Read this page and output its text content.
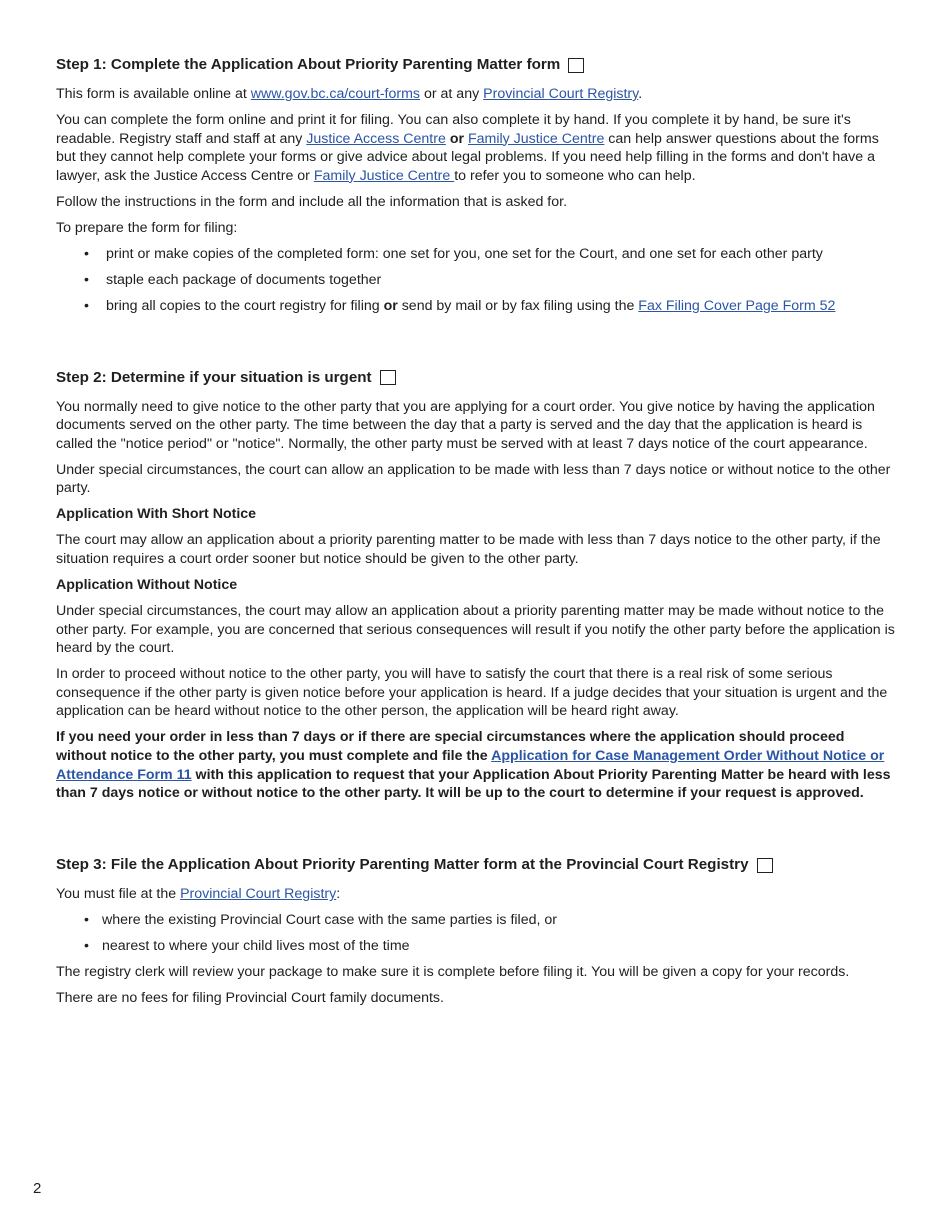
Step 1: Complete the Application About Priority Parenting Matter form

This form is available online at www.gov.bc.ca/court-forms or at any Provincial Court Registry.

You can complete the form online and print it for filing. You can also complete it by hand. If you complete it by hand, be sure it's readable. Registry staff and staff at any Justice Access Centre or Family Justice Centre can help answer questions about the forms but they cannot help complete your forms or give advice about legal problems. If you need help filling in the forms and don't have a lawyer, ask the Justice Access Centre or Family Justice Centre to refer you to someone who can help.

Follow the instructions in the form and include all the information that is asked for.

To prepare the form for filing:

• print or make copies of the completed form: one set for you, one set for the Court, and one set for each other party
• staple each package of documents together
• bring all copies to the court registry for filing or send by mail or by fax filing using the Fax Filing Cover Page Form 52
Step 2: Determine if your situation is urgent

You normally need to give notice to the other party that you are applying for a court order. You give notice by having the application documents served on the other party. The time between the day that a party is served and the day that the application is heard is called the "notice period" or "notice". Normally, the other party must be served with at least 7 days notice of the court appearance.

Under special circumstances, the court can allow an application to be made with less than 7 days notice or without notice to the other party.

Application With Short Notice

The court may allow an application about a priority parenting matter to be made with less than 7 days notice to the other party, if the situation requires a court order sooner but notice should be given to the other party.

Application Without Notice

Under special circumstances, the court may allow an application about a priority parenting matter may be made without notice to the other party. For example, you are concerned that serious consequences will result if you notify the other party before the application is heard by the court.

In order to proceed without notice to the other party, you will have to satisfy the court that there is a real risk of some serious consequence if the other party is given notice before your application is heard. If a judge decides that your situation is urgent and the application can be heard without notice to the other person, the application will be heard right away.

If you need your order in less than 7 days or if there are special circumstances where the application should proceed without notice to the other party, you must complete and file the Application for Case Management Order Without Notice or Attendance Form 11 with this application to request that your Application About Priority Parenting Matter be heard with less than 7 days notice or without notice to the other party. It will be up to the court to determine if your request is approved.

Step 3: File the Application About Priority Parenting Matter form at the Provincial Court Registry

You must file at the Provincial Court Registry:

• where the existing Provincial Court case with the same parties is filed, or
• nearest to where your child lives most of the time

The registry clerk will review your package to make sure it is complete before filing it. You will be given a copy for your records.

There are no fees for filing Provincial Court family documents.

2
